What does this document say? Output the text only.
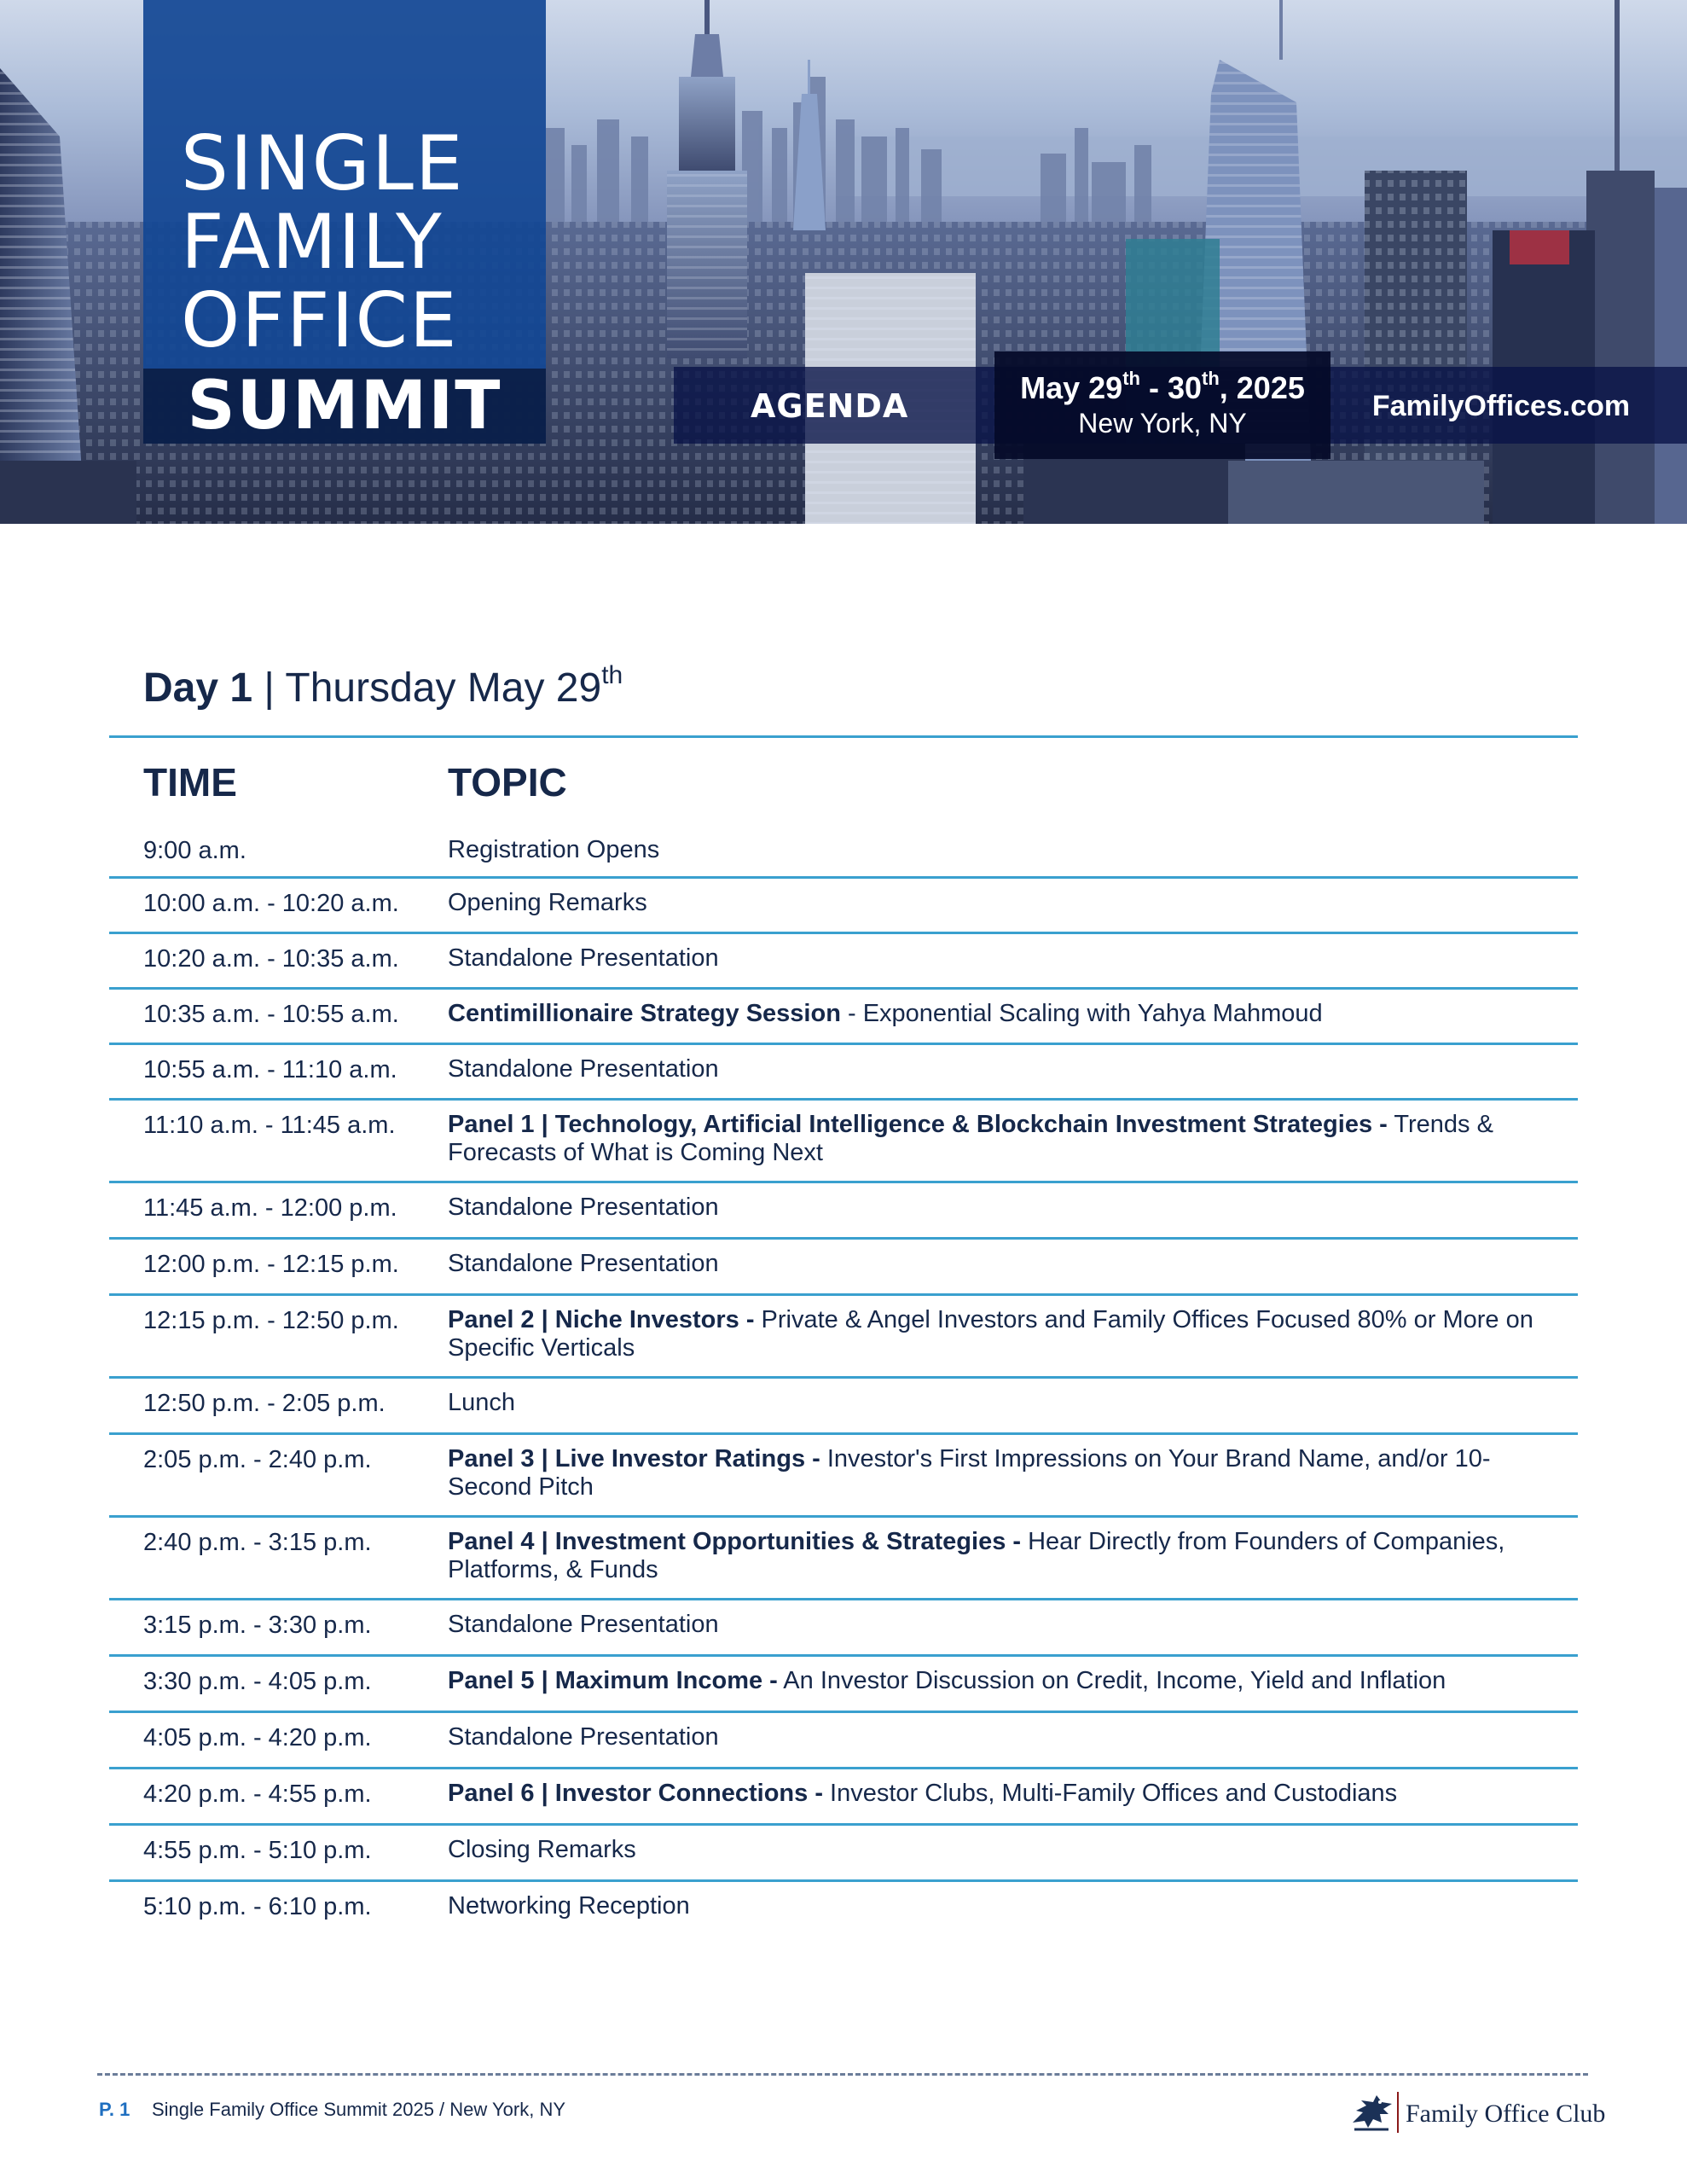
SINGLE
FAMILY
OFFICE
SUMMIT	AGENDA	May 29th - 30th, 2025
New York, NY
FamilyOffices.com
Day 1 | Thursday May 29th
TIME	TOPIC
9:00 a.m.	Registration Opens
10:00 a.m. - 10:20 a.m.	Opening Remarks
10:20 a.m. - 10:35 a.m.	Standalone Presentation
10:35 a.m. - 10:55 a.m.	Centimillionaire Strategy Session - Exponential Scaling with Yahya Mahmoud
10:55 a.m. - 11:10 a.m.	Standalone Presentation
11:10 a.m. - 11:45 a.m.	Panel 1 | Technology, Artificial Intelligence & Blockchain Investment Strategies - Trends & Forecasts of What is Coming Next
11:45 a.m. - 12:00 p.m.	Standalone Presentation
12:00 p.m. - 12:15 p.m.	Standalone Presentation
12:15 p.m. - 12:50 p.m.	Panel 2 | Niche Investors - Private & Angel Investors and Family Offices Focused 80% or More on Specific Verticals
12:50 p.m. - 2:05 p.m.	Lunch
2:05 p.m. - 2:40 p.m.	Panel 3 | Live Investor Ratings - Investor's First Impressions on Your Brand Name, and/or 10-Second Pitch
2:40 p.m. - 3:15 p.m.	Panel 4 | Investment Opportunities & Strategies - Hear Directly from Founders of Companies, Platforms, & Funds
3:15 p.m. - 3:30 p.m.	Standalone Presentation
3:30 p.m. - 4:05 p.m.	Panel 5 | Maximum Income - An Investor Discussion on Credit, Income, Yield and Inflation
4:05 p.m. - 4:20 p.m.	Standalone Presentation
4:20 p.m. - 4:55 p.m.	Panel 6 | Investor Connections - Investor Clubs, Multi-Family Offices and Custodians
4:55 p.m. - 5:10 p.m.	Closing Remarks
5:10 p.m. - 6:10 p.m.	Networking Reception
P. 1 Single Family Office Summit 2025 / New York, NY	Family Office Club
